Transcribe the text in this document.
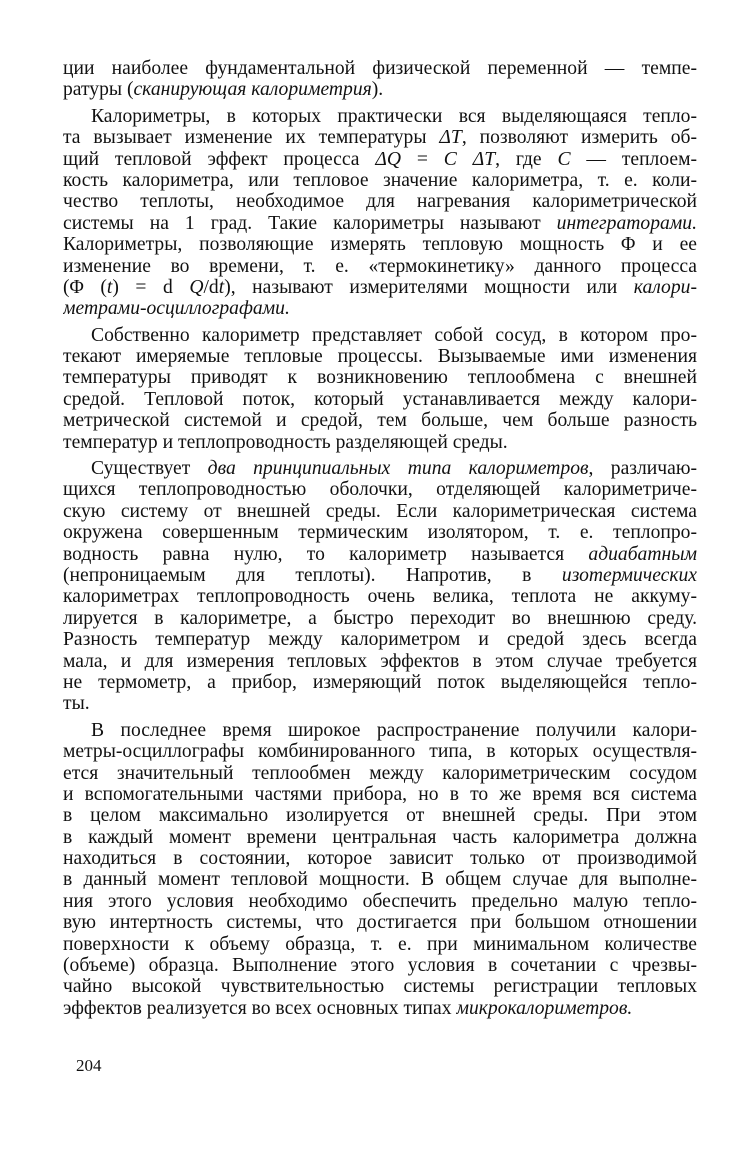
ции наиболее фундаментальной физической переменной — темпе-
ратуры (сканирующая калориметрия).
Калориметры, в которых практически вся выделяющаяся тепло-
та вызывает изменение их температуры ΔT, позволяют измерить об-
щий тепловой эффект процесса ΔQ = C ΔT, где C — теплоем-
кость калориметра, или тепловое значение калориметра, т. е. коли-
чество теплоты, необходимое для нагревания калориметрической
системы на 1 град. Такие калориметры называют интеграторами.
Калориметры, позволяющие измерять тепловую мощность Φ и ее
изменение во времени, т. е. «термокинетику» данного процесса
(Φ (t) = d Q/dt), называют измерителями мощности или калори-
метрами-осциллографами.
Собственно калориметр представляет собой сосуд, в котором про-
текают имеряемые тепловые процессы. Вызываемые ими изменения
температуры приводят к возникновению теплообмена с внешней
средой. Тепловой поток, который устанавливается между калори-
метрической системой и средой, тем больше, чем больше разность
температур и теплопроводность разделяющей среды.
Существует два принципиальных типа калориметров, различаю-
щихся теплопроводностью оболочки, отделяющей калориметриче-
скую систему от внешней среды. Если калориметрическая система
окружена совершенным термическим изолятором, т. е. теплопро-
водность равна нулю, то калориметр называется адиабатным
(непроницаемым для теплоты). Напротив, в изотермических
калориметрах теплопроводность очень велика, теплота не аккуму-
лируется в калориметре, а быстро переходит во внешнюю среду.
Разность температур между калориметром и средой здесь всегда
мала, и для измерения тепловых эффектов в этом случае требуется
не термометр, а прибор, измеряющий поток выделяющейся тепло-
ты.
В последнее время широкое распространение получили калори-
метры-осциллографы комбинированного типа, в которых осуществля-
ется значительный теплообмен между калориметрическим сосудом
и вспомогательными частями прибора, но в то же время вся система
в целом максимально изолируется от внешней среды. При этом
в каждый момент времени центральная часть калориметра должна
находиться в состоянии, которое зависит только от производимой
в данный момент тепловой мощности. В общем случае для выполне-
ния этого условия необходимо обеспечить предельно малую тепло-
вую интертность системы, что достигается при большом отношении
поверхности к объему образца, т. е. при минимальном количестве
(объеме) образца. Выполнение этого условия в сочетании с чрезвы-
чайно высокой чувствительностью системы регистрации тепловых
эффектов реализуется во всех основных типах микрокалориметров.
204
